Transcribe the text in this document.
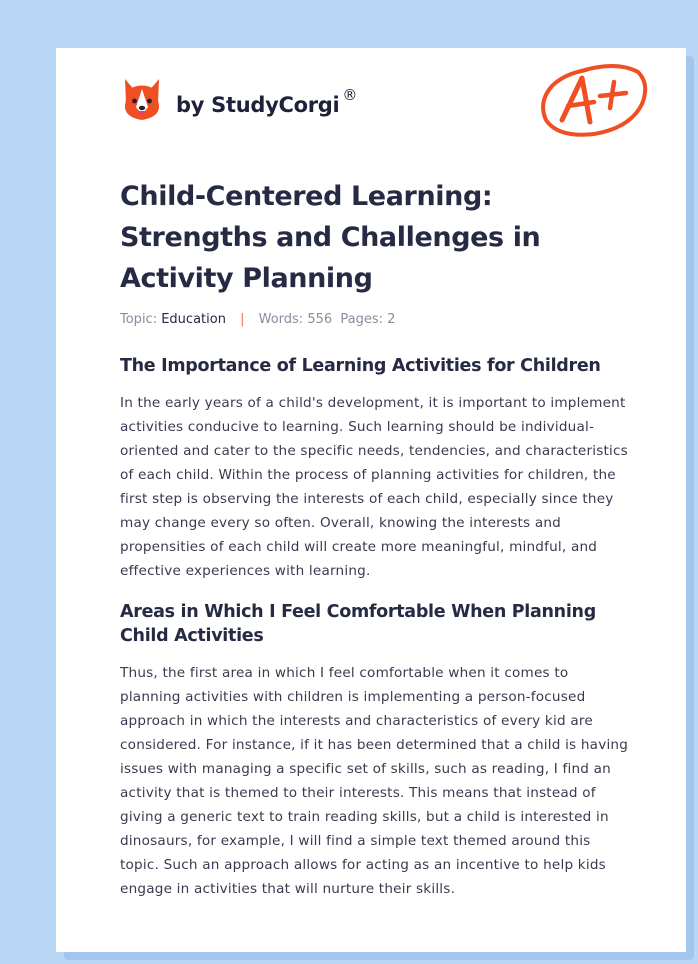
by StudyCorgi ®
Child-Centered Learning: Strengths and Challenges in Activity Planning
Topic: Education | Words: 556 Pages: 2
The Importance of Learning Activities for Children

In the early years of a child's development, it is important to implement activities conducive to learning. Such learning should be individual-oriented and cater to the specific needs, tendencies, and characteristics of each child. Within the process of planning activities for children, the first step is observing the interests of each child, especially since they may change every so often. Overall, knowing the interests and propensities of each child will create more meaningful, mindful, and effective experiences with learning.

Areas in Which I Feel Comfortable When Planning Child Activities

Thus, the first area in which I feel comfortable when it comes to planning activities with children is implementing a person-focused approach in which the interests and characteristics of every kid are considered. For instance, if it has been determined that a child is having issues with managing a specific set of skills, such as reading, I find an activity that is themed to their interests. This means that instead of giving a generic text to train reading skills, but a child is interested in dinosaurs, for example, I will find a simple text themed around this topic. Such an approach allows for acting as an incentive to help kids engage in activities that will nurture their skills.
